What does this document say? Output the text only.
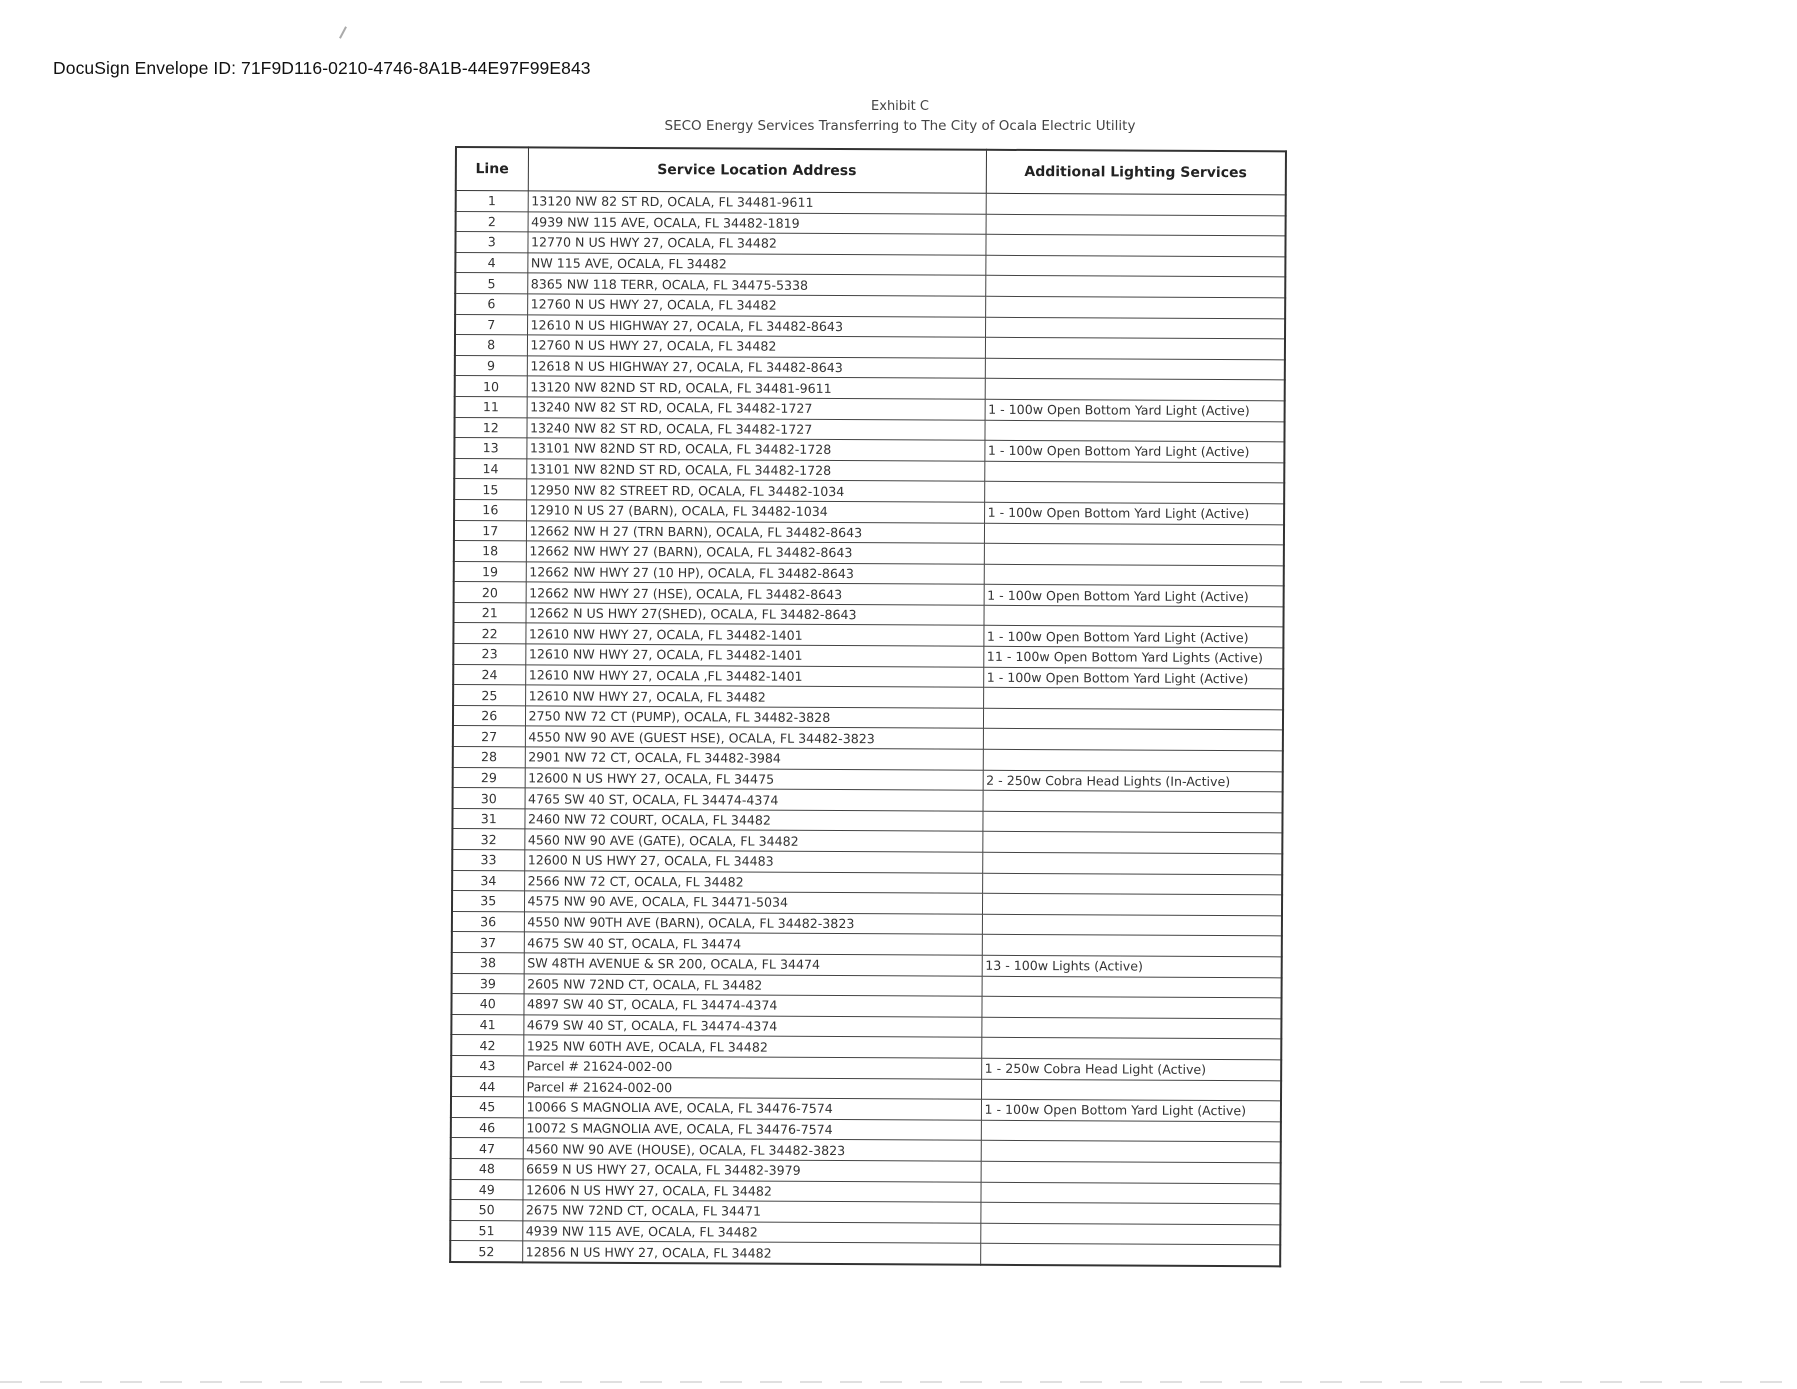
DocuSign Envelope ID: 71F9D116-0210-4746-8A1B-44E97F99E843
Exhibit C
SECO Energy Services Transferring to The City of Ocala Electric Utility
Line	Service Location Address	Additional Lighting Services
1	13120 NW 82 ST RD, OCALA, FL 34481-9611	
2	4939 NW 115 AVE, OCALA, FL 34482-1819	
3	12770 N US HWY 27, OCALA, FL 34482	
4	NW 115 AVE, OCALA, FL 34482	
5	8365 NW 118 TERR, OCALA, FL 34475-5338	
6	12760 N US HWY 27, OCALA, FL 34482	
7	12610 N US HIGHWAY 27, OCALA, FL 34482-8643	
8	12760 N US HWY 27, OCALA, FL 34482	
9	12618 N US HIGHWAY 27, OCALA, FL 34482-8643	
10	13120 NW 82ND ST RD, OCALA, FL 34481-9611	
11	13240 NW 82 ST RD, OCALA, FL 34482-1727	1 - 100w Open Bottom Yard Light (Active)
12	13240 NW 82 ST RD, OCALA, FL 34482-1727	
13	13101 NW 82ND ST RD, OCALA, FL 34482-1728	1 - 100w Open Bottom Yard Light (Active)
14	13101 NW 82ND ST RD, OCALA, FL 34482-1728	
15	12950 NW 82 STREET RD, OCALA, FL 34482-1034	
16	12910 N US 27 (BARN), OCALA, FL 34482-1034	1 - 100w Open Bottom Yard Light (Active)
17	12662 NW H 27 (TRN BARN), OCALA, FL 34482-8643	
18	12662 NW HWY 27 (BARN), OCALA, FL 34482-8643	
19	12662 NW HWY 27 (10 HP), OCALA, FL 34482-8643	
20	12662 NW HWY 27 (HSE), OCALA, FL 34482-8643	1 - 100w Open Bottom Yard Light (Active)
21	12662 N US HWY 27(SHED), OCALA, FL 34482-8643	
22	12610 NW HWY 27, OCALA, FL 34482-1401	1 - 100w Open Bottom Yard Light (Active)
23	12610 NW HWY 27, OCALA, FL 34482-1401	11 - 100w Open Bottom Yard Lights (Active)
24	12610 NW HWY 27, OCALA ,FL 34482-1401	1 - 100w Open Bottom Yard Light (Active)
25	12610 NW HWY 27, OCALA, FL 34482	
26	2750 NW 72 CT (PUMP), OCALA, FL 34482-3828	
27	4550 NW 90 AVE (GUEST HSE), OCALA, FL 34482-3823	
28	2901 NW 72 CT, OCALA, FL 34482-3984	
29	12600 N US HWY 27, OCALA, FL 34475	2 - 250w Cobra Head Lights (In-Active)
30	4765 SW 40 ST, OCALA, FL 34474-4374	
31	2460 NW 72 COURT, OCALA, FL 34482	
32	4560 NW 90 AVE (GATE), OCALA, FL 34482	
33	12600 N US HWY 27, OCALA, FL 34483	
34	2566 NW 72 CT, OCALA, FL 34482	
35	4575 NW 90 AVE, OCALA, FL 34471-5034	
36	4550 NW 90TH AVE (BARN), OCALA, FL 34482-3823	
37	4675 SW 40 ST, OCALA, FL 34474	
38	SW 48TH AVENUE & SR 200, OCALA, FL 34474	13 - 100w Lights (Active)
39	2605 NW 72ND CT, OCALA, FL 34482	
40	4897 SW 40 ST, OCALA, FL 34474-4374	
41	4679 SW 40 ST, OCALA, FL 34474-4374	
42	1925 NW 60TH AVE, OCALA, FL 34482	
43	Parcel # 21624-002-00	1 - 250w Cobra Head Light (Active)
44	Parcel # 21624-002-00	
45	10066 S MAGNOLIA AVE, OCALA, FL 34476-7574	1 - 100w Open Bottom Yard Light (Active)
46	10072 S MAGNOLIA AVE, OCALA, FL 34476-7574	
47	4560 NW 90 AVE (HOUSE), OCALA, FL 34482-3823	
48	6659 N US HWY 27, OCALA, FL 34482-3979	
49	12606 N US HWY 27, OCALA, FL 34482	
50	2675 NW 72ND CT, OCALA, FL 34471	
51	4939 NW 115 AVE, OCALA, FL 34482	
52	12856 N US HWY 27, OCALA, FL 34482	
